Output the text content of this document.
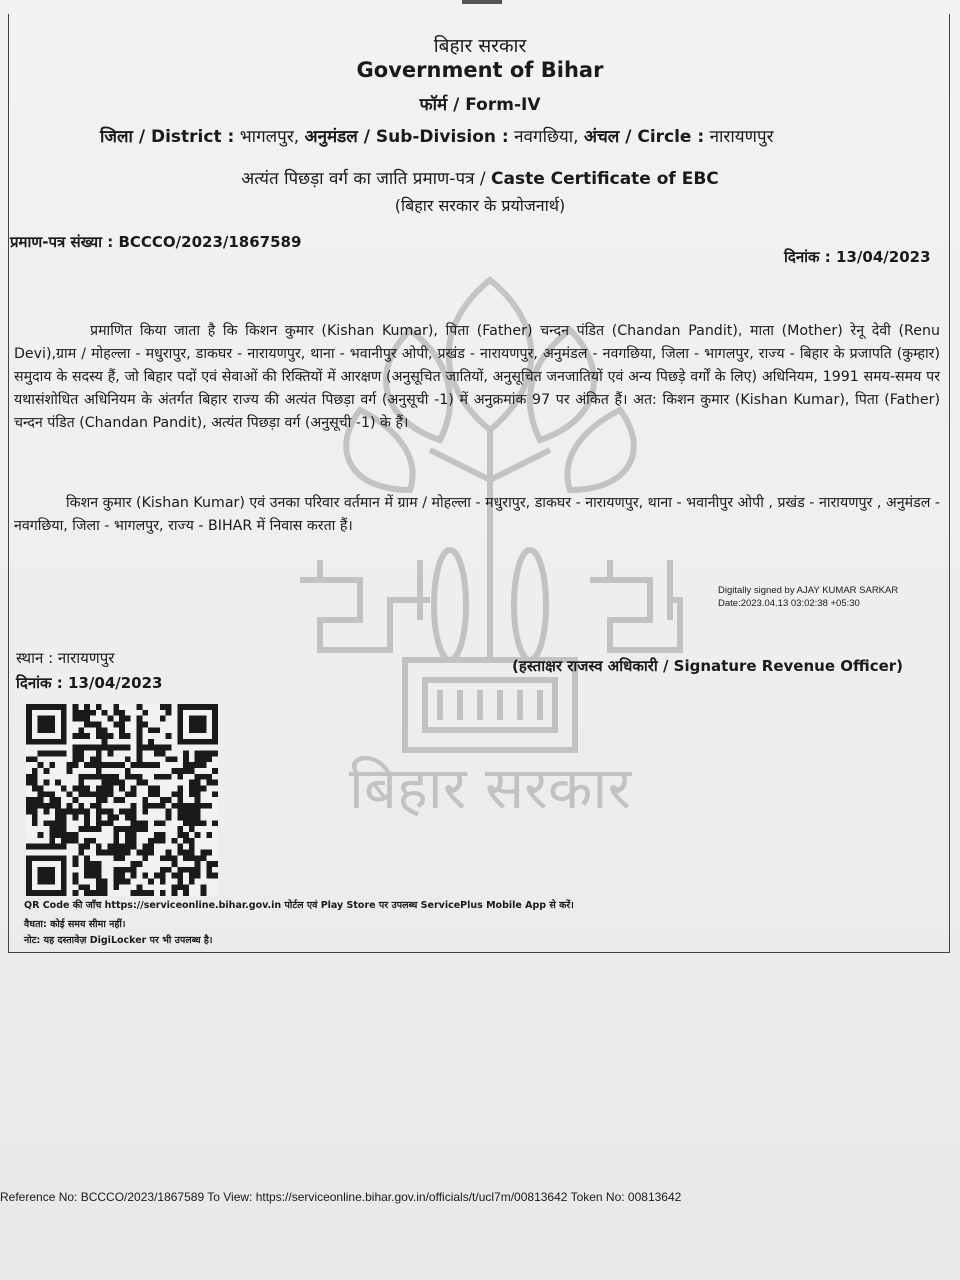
बिहार सरकार
बिहार सरकार
Government of Bihar
फॉर्म / Form-IV
जिला / District : भागलपुर, अनुमंडल / Sub-Division : नवगछिया, अंचल / Circle : नारायणपुर
अत्यंत पिछड़ा वर्ग का जाति प्रमाण-पत्र / Caste Certificate of EBC
(बिहार सरकार के प्रयोजनार्थ)
प्रमाण-पत्र संख्या : BCCCO/2023/1867589
दिनांक : 13/04/2023
प्रमाणित किया जाता है कि किशन कुमार (Kishan Kumar), पिता (Father) चन्दन पंडित (Chandan Pandit), माता (Mother) रेनू देवी (Renu Devi),ग्राम / मोहल्ला - मधुरापुर, डाकघर - नारायणपुर, थाना - भवानीपुर ओपी, प्रखंड - नारायणपुर, अनुमंडल - नवगछिया, जिला - भागलपुर, राज्य - बिहार के प्रजापति (कुम्हार) समुदाय के सदस्य हैं, जो बिहार पदों एवं सेवाओं की रिक्तियों में आरक्षण (अनुसूचित जातियों, अनुसूचित जनजातियों एवं अन्य पिछड़े वर्गों के लिए) अधिनियम, 1991 समय-समय पर यथासंशोधित अधिनियम के अंतर्गत बिहार राज्य की अत्यंत पिछड़ा वर्ग (अनुसूची -1) में अनुक्रमांक 97 पर अंकित हैं। अत: किशन कुमार (Kishan Kumar), पिता (Father) चन्दन पंडित (Chandan Pandit), अत्यंत पिछड़ा वर्ग (अनुसूची -1) के हैं।
किशन कुमार (Kishan Kumar) एवं उनका परिवार वर्तमान में ग्राम / मोहल्ला - मधुरापुर, डाकघर - नारायणपुर, थाना - भवानीपुर ओपी , प्रखंड - नारायणपुर , अनुमंडल - नवगछिया, जिला - भागलपुर, राज्य - BIHAR में निवास करता हैं।
Digitally signed by AJAY KUMAR SARKAR
Date:2023.04.13 03:02:38 +05:30
(हस्ताक्षर राजस्व अधिकारी / Signature Revenue Officer)
स्थान : नारायणपुर
दिनांक : 13/04/2023
QR Code की जाँच https://serviceonline.bihar.gov.in पोर्टल एवं Play Store पर उपलब्ध ServicePlus Mobile App से करें।
वैधता: कोई समय सीमा नहीं।
नोट: यह दस्तावेज़ DigiLocker पर भी उपलब्ध है।
Reference No: BCCCO/2023/1867589 To View: https://serviceonline.bihar.gov.in/officials/t/ucl7m/00813642 Token No: 00813642
